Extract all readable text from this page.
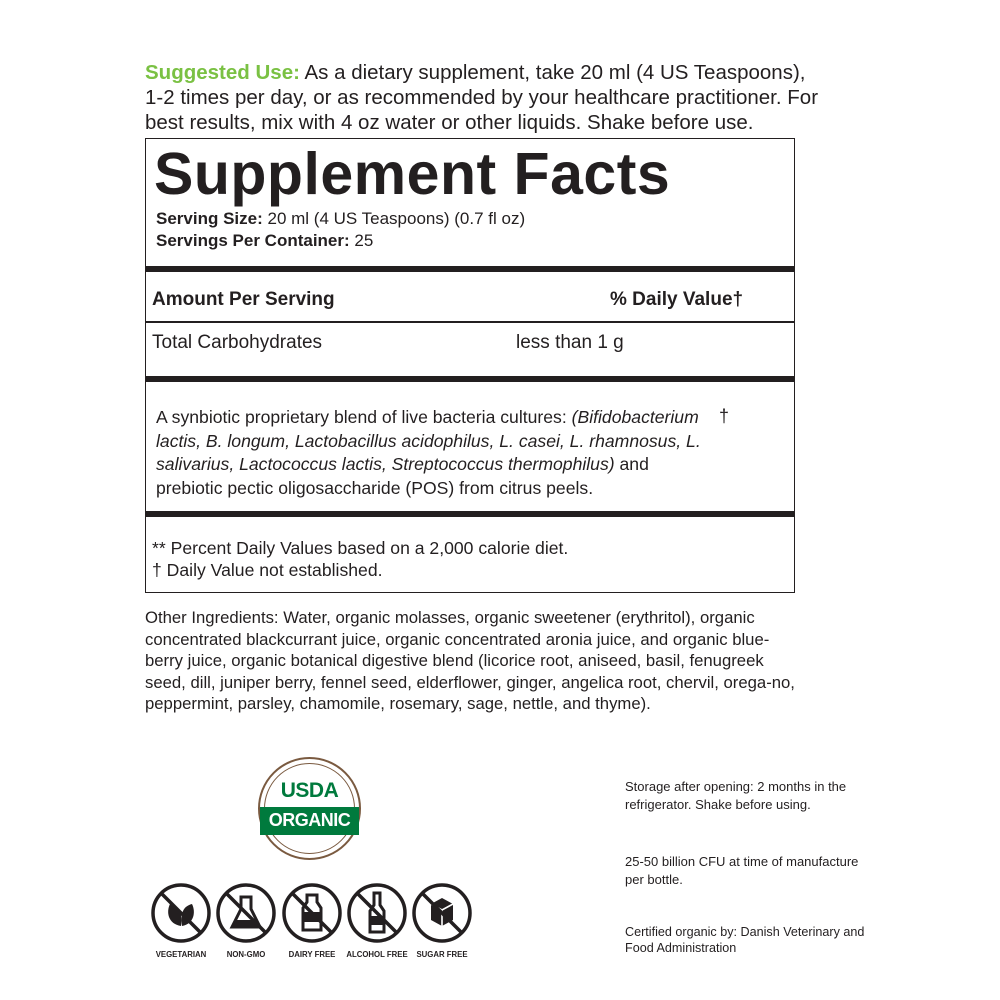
Suggested Use: As a dietary supplement, take 20 ml (4 US Teaspoons), 1-2 times per day, or as recommended by your healthcare practitioner. For best results, mix with 4 oz water or other liquids. Shake before use.
Supplement Facts
Serving Size: 20 ml (4 US Teaspoons) (0.7 fl oz)
Servings Per Container: 25
Amount Per Serving	% Daily Value†
Total Carbohydrates	less than 1 g
A synbiotic proprietary blend of live bacteria cultures: (Bifidobacterium lactis, B. longum, Lactobacillus acidophilus, L. casei, L. rhamnosus, L. salivarius, Lactococcus lactis, Streptococcus thermophilus) and prebiotic pectic oligosaccharide (POS) from citrus peels.
†
** Percent Daily Values based on a 2,000 calorie diet.
† Daily Value not established.
Other Ingredients: Water, organic molasses, organic sweetener (erythritol), organic concentrated blackcurrant juice, organic concentrated aronia juice, and organic blue-berry juice, organic botanical digestive blend (licorice root, aniseed, basil, fenugreek seed, dill, juniper berry, fennel seed, elderflower, ginger, angelica root, chervil, orega-no, peppermint, parsley, chamomile, rosemary, sage, nettle, and thyme).
USDA
ORGANIC
VEGETARIAN	NON-GMO	DAIRY FREE	ALCOHOL FREE	SUGAR FREE
Storage after opening: 2 months in the refrigerator. Shake before using.
25-50 billion CFU at time of manufacture per bottle.
Certified organic by: Danish Veterinary and Food Administration
